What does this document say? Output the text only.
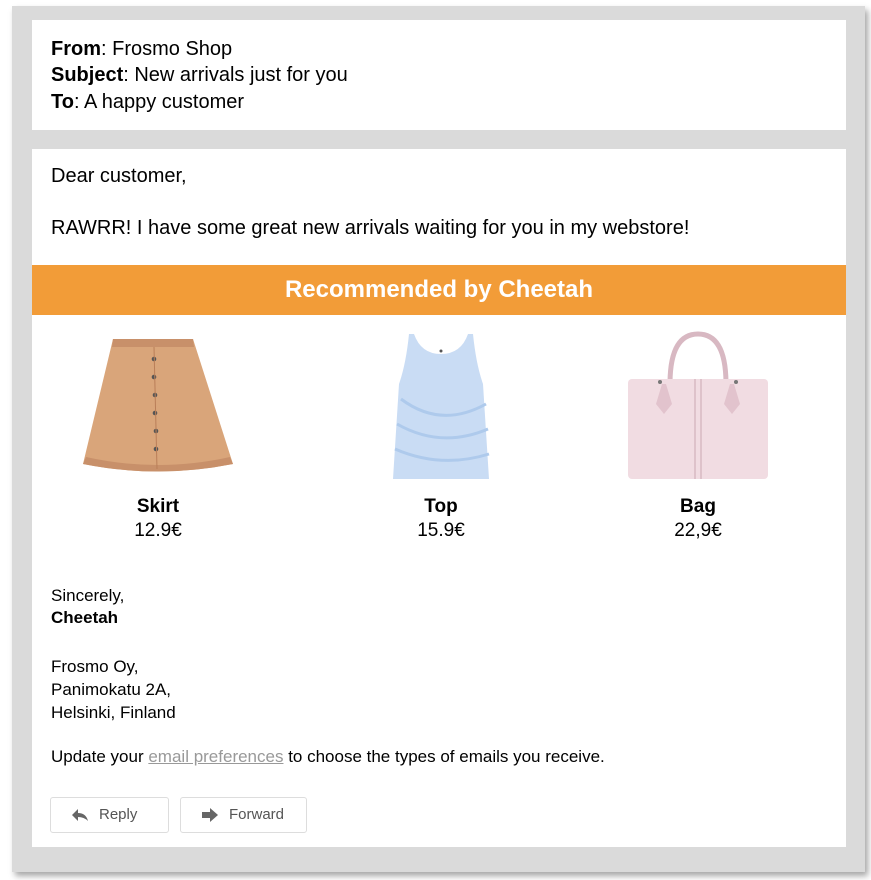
From: Frosmo Shop
Subject: New arrivals just for you
To: A happy customer
Dear customer,
RAWRR! I have some great new arrivals waiting for you in my webstore!
Recommended by Cheetah
Skirt
12.9€
Top
15.9€
Bag
22,9€
Sincerely,
Cheetah
Frosmo Oy,
Panimokatu 2A,
Helsinki, Finland
Update your email preferences to choose the types of emails you receive.
Reply	Forward
